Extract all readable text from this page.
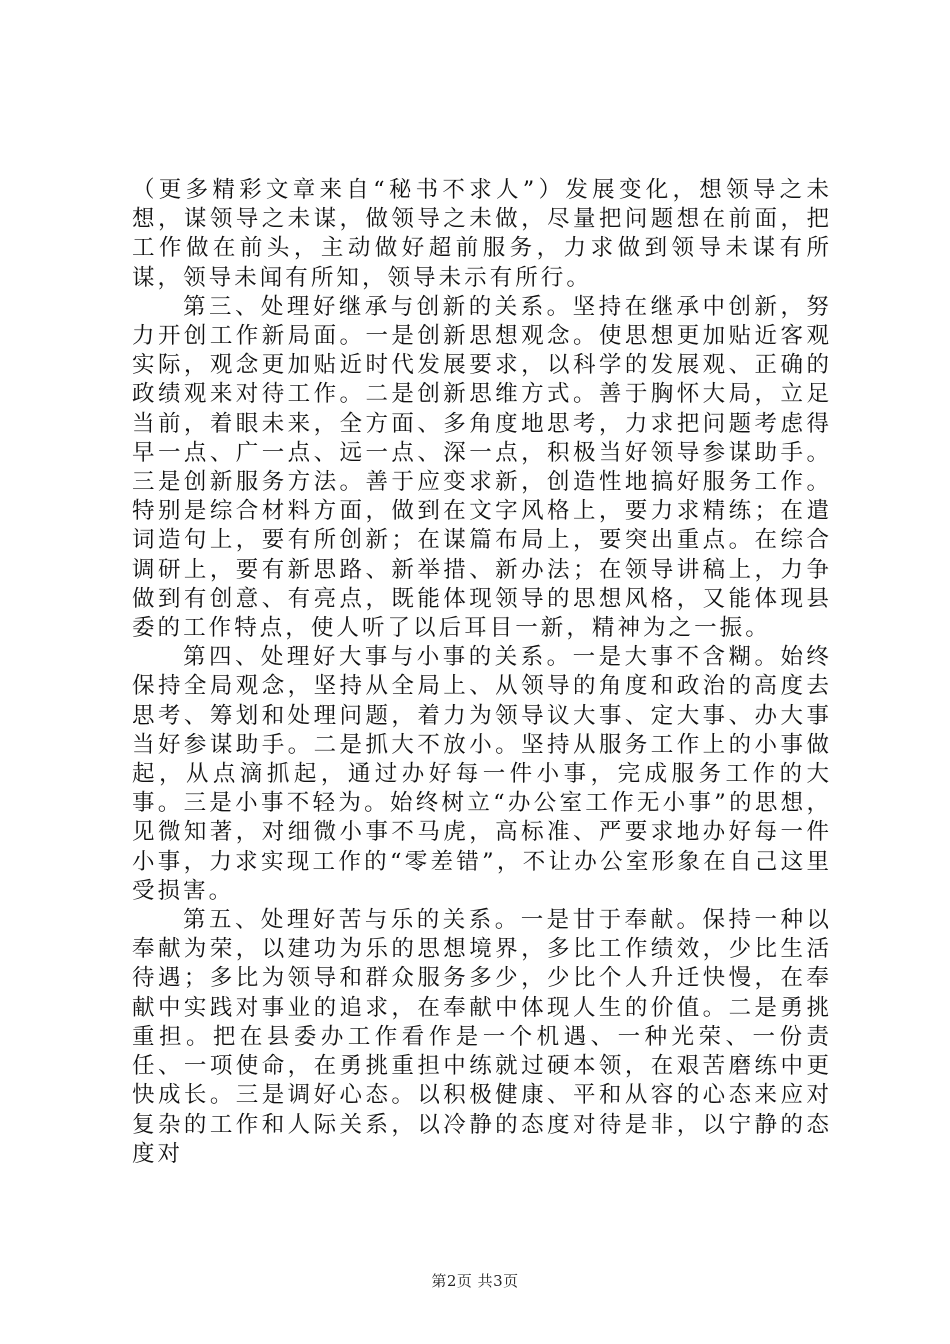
（更多精彩文章来自“秘书不求人”）发展变化，想领导之未想，谋领导之未谋，做领导之未做，尽量把问题想在前面，把工作做在前头，主动做好超前服务，力求做到领导未谋有所谋，领导未闻有所知，领导未示有所行。

第三、处理好继承与创新的关系。坚持在继承中创新，努力开创工作新局面。一是创新思想观念。使思想更加贴近客观实际，观念更加贴近时代发展要求，以科学的发展观、正确的政绩观来对待工作。二是创新思维方式。善于胸怀大局，立足当前，着眼未来，全方面、多角度地思考，力求把问题考虑得早一点、广一点、远一点、深一点，积极当好领导参谋助手。三是创新服务方法。善于应变求新，创造性地搞好服务工作。特别是综合材料方面，做到在文字风格上，要力求精练；在遣词造句上，要有所创新；在谋篇布局上，要突出重点。在综合调研上，要有新思路、新举措、新办法；在领导讲稿上，力争做到有创意、有亮点，既能体现领导的思想风格，又能体现县委的工作特点，使人听了以后耳目一新，精神为之一振。

第四、处理好大事与小事的关系。一是大事不含糊。始终保持全局观念，坚持从全局上、从领导的角度和政治的高度去思考、筹划和处理问题，着力为领导议大事、定大事、办大事当好参谋助手。二是抓大不放小。坚持从服务工作上的小事做起，从点滴抓起，通过办好每一件小事，完成服务工作的大事。三是小事不轻为。始终树立“办公室工作无小事”的思想，见微知著，对细微小事不马虎，高标准、严要求地办好每一件小事，力求实现工作的“零差错”，不让办公室形象在自己这里受损害。

第五、处理好苦与乐的关系。一是甘于奉献。保持一种以奉献为荣，以建功为乐的思想境界，多比工作绩效，少比生活待遇；多比为领导和群众服务多少，少比个人升迁快慢，在奉献中实践对事业的追求，在奉献中体现人生的价值。二是勇挑重担。把在县委办工作看作是一个机遇、一种光荣、一份责任、一项使命，在勇挑重担中练就过硬本领，在艰苦磨练中更快成长。三是调好心态。以积极健康、平和从容的心态来应对复杂的工作和人际关系，以冷静的态度对待是非，以宁静的态度对

第2页 共3页
